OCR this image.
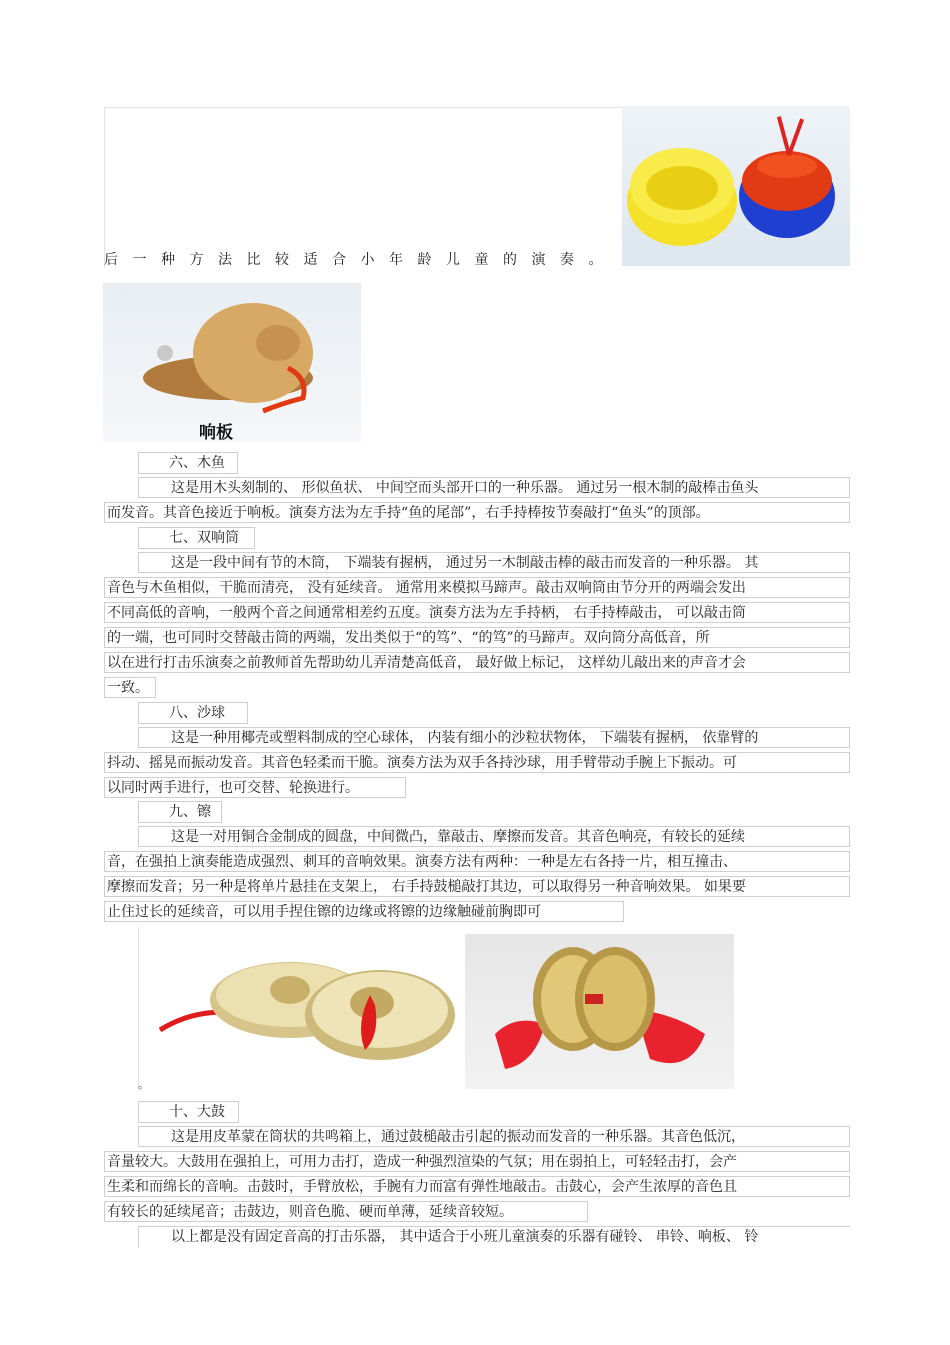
后一种方法比较适合小年龄儿童的演奏。
响板
六、木鱼
这是用木头刻制的、 形似鱼状、 中间空而头部开口的一种乐器。 通过另一根木制的敲棒击鱼头
而发音。其音色接近于响板。演奏方法为左手持“鱼的尾部”，右手持棒按节奏敲打“鱼头”的顶部。
七、双响筒
这是一段中间有节的木筒， 下端装有握柄， 通过另一木制敲击棒的敲击而发音的一种乐器。 其
音色与木鱼相似，干脆而清亮， 没有延续音。 通常用来模拟马蹄声。敲击双响筒由节分开的两端会发出
不同高低的音响，一般两个音之间通常相差约五度。演奏方法为左手持柄， 右手持棒敲击， 可以敲击筒
的一端，也可同时交替敲击筒的两端，发出类似于“的笃”、“的笃”的马蹄声。双向筒分高低音，所
以在进行打击乐演奏之前教师首先帮助幼儿弄清楚高低音， 最好做上标记， 这样幼儿敲出来的声音才会
一致。
八、沙球
这是一种用椰壳或塑料制成的空心球体， 内装有细小的沙粒状物体， 下端装有握柄， 依靠臂的
抖动、摇晃而振动发音。其音色轻柔而干脆。演奏方法为双手各持沙球，用手臂带动手腕上下振动。可
以同时两手进行，也可交替、轮换进行。
九、镲
这是一对用铜合金制成的圆盘，中间微凸，靠敲击、摩擦而发音。其音色响亮，有较长的延续
音，在强拍上演奏能造成强烈、刺耳的音响效果。演奏方法有两种：一种是左右各持一片，相互撞击、
摩擦而发音；另一种是将单片悬挂在支架上， 右手持鼓槌敲打其边，可以取得另一种音响效果。 如果要
止住过长的延续音，可以用手捏住镲的边缘或将镲的边缘触碰前胸即可
。
十、大鼓
这是用皮革蒙在筒状的共鸣箱上，通过鼓槌敲击引起的振动而发音的一种乐器。其音色低沉，
音量较大。大鼓用在强拍上，可用力击打，造成一种强烈渲染的气氛；用在弱拍上，可轻轻击打，会产
生柔和而绵长的音响。击鼓时，手臂放松，手腕有力而富有弹性地敲击。击鼓心，会产生浓厚的音色且
有较长的延续尾音；击鼓边，则音色脆、硬而单薄，延续音较短。
以上都是没有固定音高的打击乐器， 其中适合于小班儿童演奏的乐器有碰铃、 串铃、响板、 铃
